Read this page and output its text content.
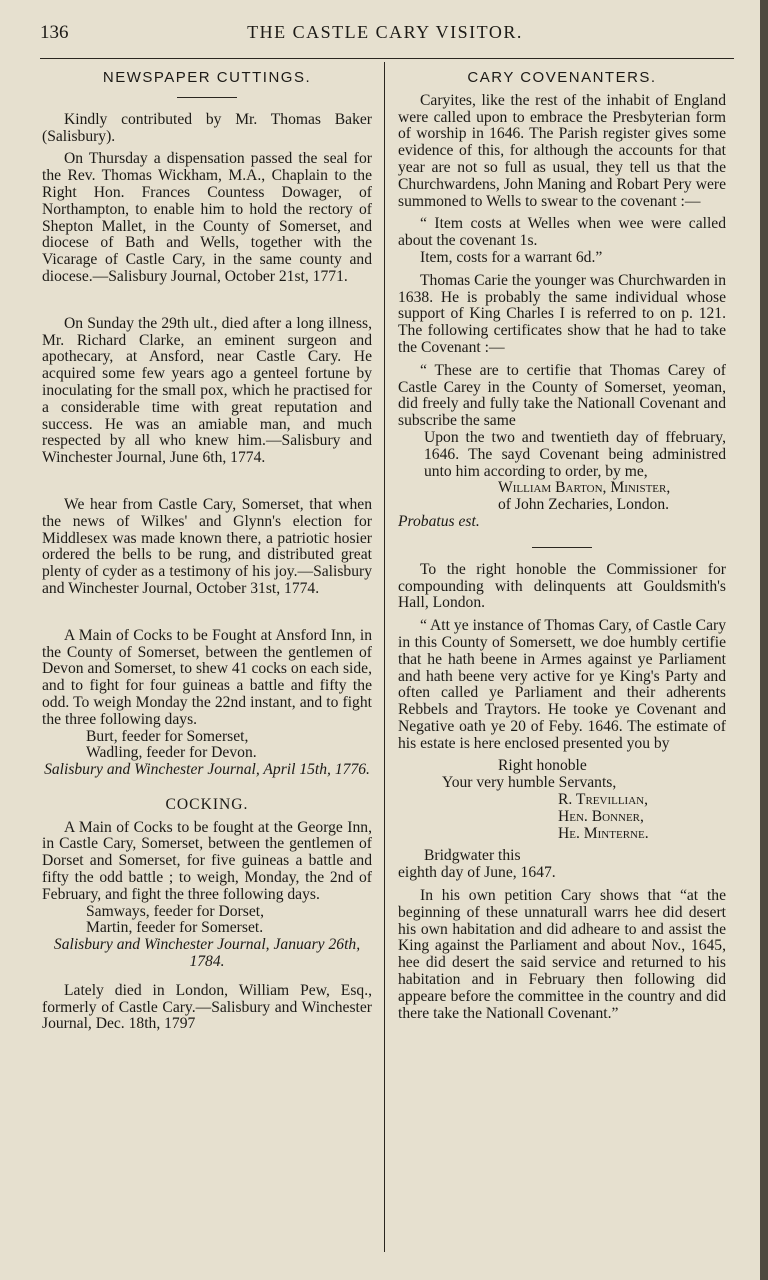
136	THE CASTLE CARY VISITOR.
NEWSPAPER CUTTINGS.

Kindly contributed by Mr. Thomas Baker (Salisbury).

On Thursday a dispensation passed the seal for the Rev. Thomas Wickham, M.A., Chaplain to the Right Hon. Frances Countess Dowager, of Northampton, to enable him to hold the rectory of Shepton Mallet, in the County of Somerset, and diocese of Bath and Wells, together with the Vicarage of Castle Cary, in the same county and diocese.—Salisbury Journal, October 21st, 1771.

On Sunday the 29th ult., died after a long illness, Mr. Richard Clarke, an eminent surgeon and apothecary, at Ansford, near Castle Cary. He acquired some few years ago a genteel fortune by inoculating for the small pox, which he practised for a considerable time with great reputation and success. He was an amiable man, and much respected by all who knew him.—Salisbury and Winchester Journal, June 6th, 1774.

We hear from Castle Cary, Somerset, that when the news of Wilkes' and Glynn's election for Middlesex was made known there, a patriotic hosier ordered the bells to be rung, and distributed great plenty of cyder as a testimony of his joy.—Salisbury and Winchester Journal, October 31st, 1774.

A Main of Cocks to be Fought at Ansford Inn, in the County of Somerset, between the gentlemen of Devon and Somerset, to shew 41 cocks on each side, and to fight for four guineas a battle and fifty the odd. To weigh Monday the 22nd instant, and to fight the three following days.

Burt, feeder for Somerset,

Wadling, feeder for Devon.

Salisbury and Winchester Journal, April 15th, 1776.

COCKING.

A Main of Cocks to be fought at the George Inn, in Castle Cary, Somerset, between the gentlemen of Dorset and Somerset, for five guineas a battle and fifty the odd battle ; to weigh, Monday, the 2nd of February, and fight the three following days.

Samways, feeder for Dorset,

Martin, feeder for Somerset.

Salisbury and Winchester Journal, January 26th, 1784.

Lately died in London, William Pew, Esq., formerly of Castle Cary.—Salisbury and Winchester Journal, Dec. 18th, 1797

CARY COVENANTERS.

Caryites, like the rest of the inhabit of England were called upon to embrace the Presbyterian form of worship in 1646. The Parish register gives some evidence of this, for although the accounts for that year are not so full as usual, they tell us that the Churchwardens, John Maning and Robart Pery were summoned to Wells to swear to the covenant :—

“ Item costs at Welles when wee were called about the covenant 1s.

Item, costs for a warrant 6d.”

Thomas Carie the younger was Churchwarden in 1638. He is probably the same individual whose support of King Charles I is referred to on p. 121. The following certificates show that he had to take the Covenant :—

“ These are to certifie that Thomas Carey of Castle Carey in the County of Somerset, yeoman, did freely and fully take the Nationall Covenant and subscribe the same

Upon the two and twentieth day of ffebruary, 1646. The sayd Covenant being administred unto him according to order, by me,

William Barton, Minister,

of John Zecharies, London.

Probatus est.

To the right honoble the Commissioner for compounding with delinquents att Gouldsmith's Hall, London.

“ Att ye instance of Thomas Cary, of Castle Cary in this County of Somersett, we doe humbly certifie that he hath beene in Armes against ye Parliament and hath beene very active for ye King's Party and often called ye Parliament and their adherents Rebbels and Traytors. He tooke ye Covenant and Negative oath ye 20 of Feby. 1646. The estimate of his estate is here enclosed presented you by

Right honoble

Your very humble Servants,

R. Trevillian,

Hen. Bonner,

He. Minterne.

Bridgwater this

eighth day of June, 1647.

In his own petition Cary shows that “at the beginning of these unnaturall warrs hee did desert his own habitation and did adheare to and assist the King against the Parliament and about Nov., 1645, hee did desert the said service and returned to his habitation and in February then following did appeare before the committee in the country and did there take the Nationall Covenant.”
